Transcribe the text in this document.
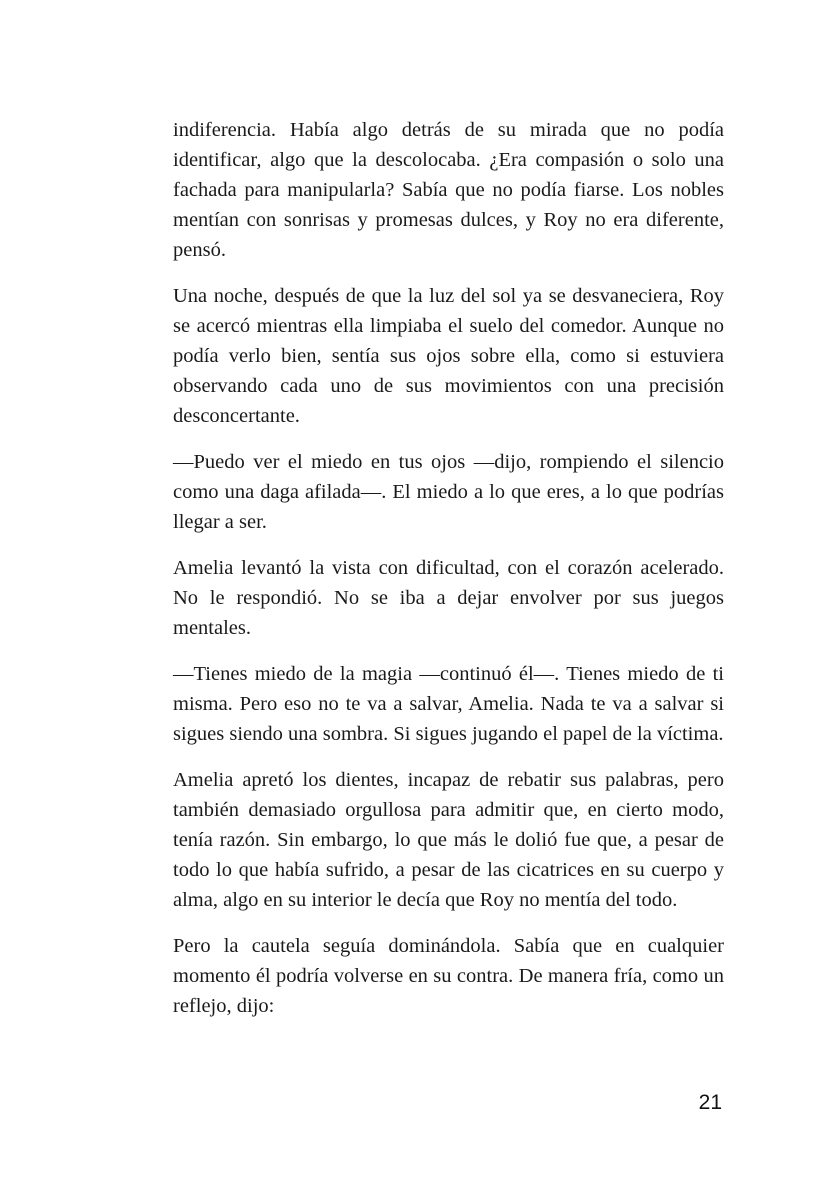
indiferencia. Había algo detrás de su mirada que no podía identificar, algo que la descolocaba. ¿Era compasión o solo una fachada para manipularla? Sabía que no podía fiarse. Los nobles mentían con sonrisas y promesas dulces, y Roy no era diferente, pensó.

Una noche, después de que la luz del sol ya se desvaneciera, Roy se acercó mientras ella limpiaba el suelo del comedor. Aunque no podía verlo bien, sentía sus ojos sobre ella, como si estuviera observando cada uno de sus movimientos con una precisión desconcertante.

—Puedo ver el miedo en tus ojos —dijo, rompiendo el silencio como una daga afilada—. El miedo a lo que eres, a lo que podrías llegar a ser.

Amelia levantó la vista con dificultad, con el corazón acelerado. No le respondió. No se iba a dejar envolver por sus juegos mentales.

—Tienes miedo de la magia —continuó él—. Tienes miedo de ti misma. Pero eso no te va a salvar, Amelia. Nada te va a salvar si sigues siendo una sombra. Si sigues jugando el papel de la víctima.

Amelia apretó los dientes, incapaz de rebatir sus palabras, pero también demasiado orgullosa para admitir que, en cierto modo, tenía razón. Sin embargo, lo que más le dolió fue que, a pesar de todo lo que había sufrido, a pesar de las cicatrices en su cuerpo y alma, algo en su interior le decía que Roy no mentía del todo.

Pero la cautela seguía dominándola. Sabía que en cualquier momento él podría volverse en su contra. De manera fría, como un reflejo, dijo:

21
